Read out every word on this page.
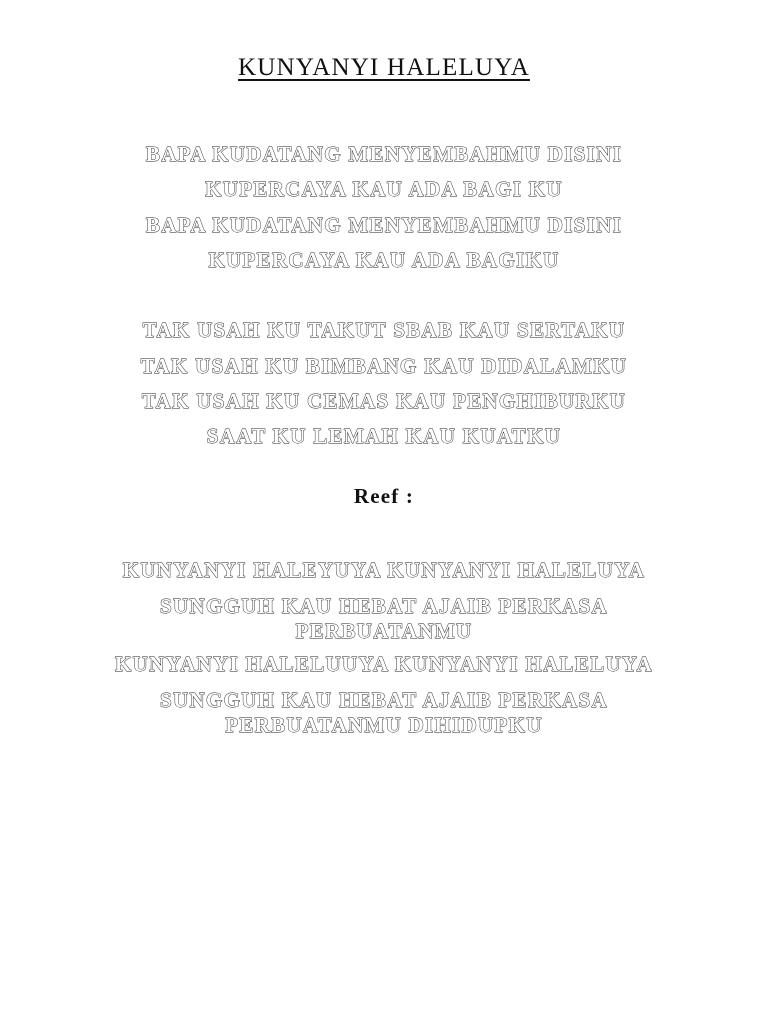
KUNYANYI HALELUYA
BAPA KUDATANG MENYEMBAHMU DISINI
KUPERCAYA KAU ADA BAGI KU
BAPA KUDATANG MENYEMBAHMU DISINI
KUPERCAYA KAU ADA BAGIKU
TAK USAH KU TAKUT SBAB KAU SERTAKU
TAK USAH KU BIMBANG KAU DIDALAMKU
TAK USAH KU CEMAS KAU PENGHIBURKU
SAAT KU LEMAH KAU KUATKU
Reef :
KUNYANYI HALEYUYA KUNYANYI HALELUYA
SUNGGUH KAU HEBAT AJAIB PERKASA
PERBUATANMU
KUNYANYI HALELUUYA KUNYANYI HALELUYA
SUNGGUH KAU HEBAT AJAIB PERKASA
PERBUATANMU DIHIDUPKU
